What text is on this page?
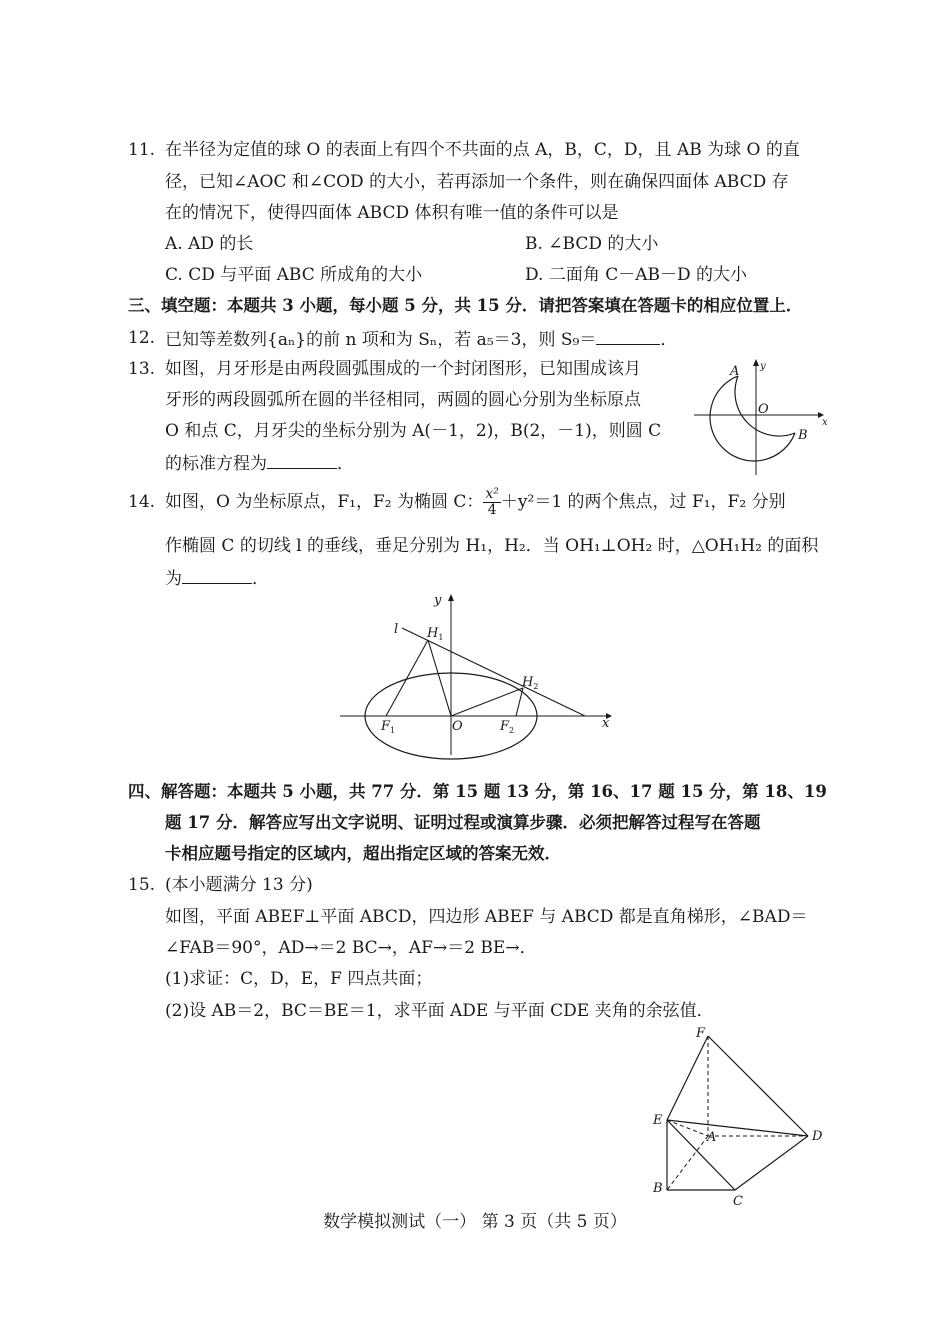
11. 在半径为定值的球 O 的表面上有四个不共面的点 A，B，C，D，且 AB 为球 O 的直
径，已知∠AOC 和∠COD 的大小，若再添加一个条件，则在确保四面体 ABCD 存
在的情况下，使得四面体 ABCD 体积有唯一值的条件可以是
A. AD 的长	B. ∠BCD 的大小
C. CD 与平面 ABC 所成角的大小	D. 二面角 C－AB－D 的大小
三、填空题：本题共 3 小题，每小题 5 分，共 15 分．请把答案填在答题卡的相应位置上．
12. 已知等差数列{aₙ}的前 n 项和为 Sₙ，若 a₅＝3，则 S₉＝	．
13. 如图，月牙形是由两段圆弧围成的一个封闭图形，已知围成该月
牙形的两段圆弧所在圆的半径相同，两圆的圆心分别为坐标原点
O 和点 C，月牙尖的坐标分别为 A(－1，2)，B(2，－1)，则圆 C
的标准方程为	．
A
B
O
x
y
14. 如图，O 为坐标原点，F₁，F₂ 为椭圆 C： $\frac{\text{x²}}{4} +y^2=1$ 的两个焦点，过 F₁，F₂ 分别
作椭圆 C 的切线 l 的垂线，垂足分别为 H₁，H₂．当 OH₁⊥OH₂ 时，△OH₁H₂ 的面积
为	．
l
y
x
O
$H_1$
$H_2$
$F_1$	$F_2$
四、解答题：本题共 5 小题，共 77 分．第 15 题 13 分，第 16、17 题 15 分，第 18、19
题 17 分．解答应写出文字说明、证明过程或演算步骤．必须把解答过程写在答题
卡相应题号指定的区域内，超出指定区域的答案无效．
15. (本小题满分 13 分)
如图，平面 ABEF⊥平面 ABCD，四边形 ABEF 与 ABCD 都是直角梯形，∠BAD＝
∠FAB＝90°，AD→＝2 BC→，AF→＝2 BE→．
(1)求证：C，D，E，F 四点共面；
(2)设 AB＝2，BC＝BE＝1，求平面 ADE 与平面 CDE 夹角的余弦值．
F
E
A	D
B
C
数学模拟测试（一） 第 3 页（共 5 页）
